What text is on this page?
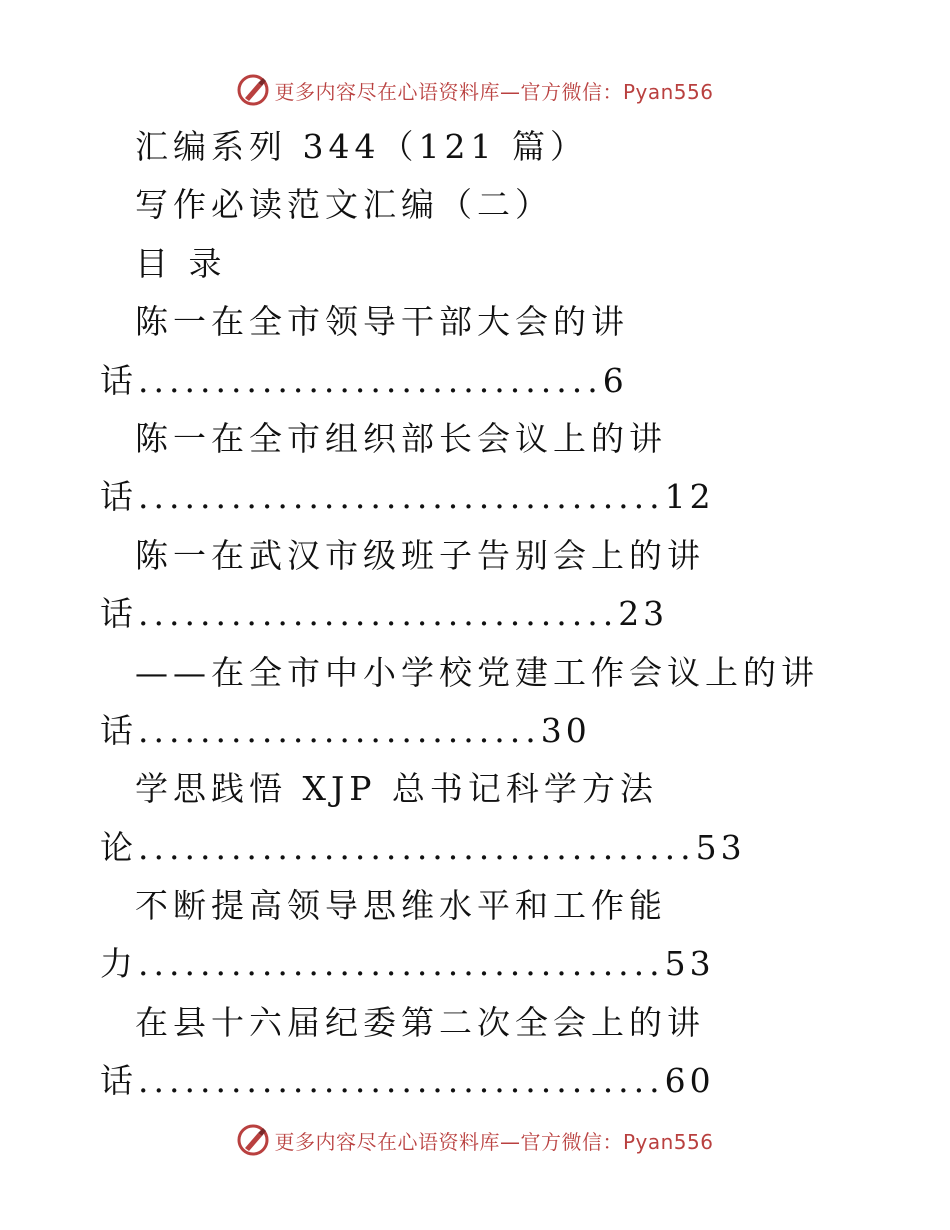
更多内容尽在心语资料库—官方微信：Pyan556
汇编系列 344（121 篇）
写作必读范文汇编（二）
目 录
陈一在全市领导干部大会的讲
话..............................6
陈一在全市组织部长会议上的讲
话..................................12
陈一在武汉市级班子告别会上的讲
话...............................23
——在全市中小学校党建工作会议上的讲
话..........................30
学思践悟 XJP 总书记科学方法
论....................................53
不断提高领导思维水平和工作能
力..................................53
在县十六届纪委第二次全会上的讲
话..................................60
更多内容尽在心语资料库—官方微信：Pyan556
